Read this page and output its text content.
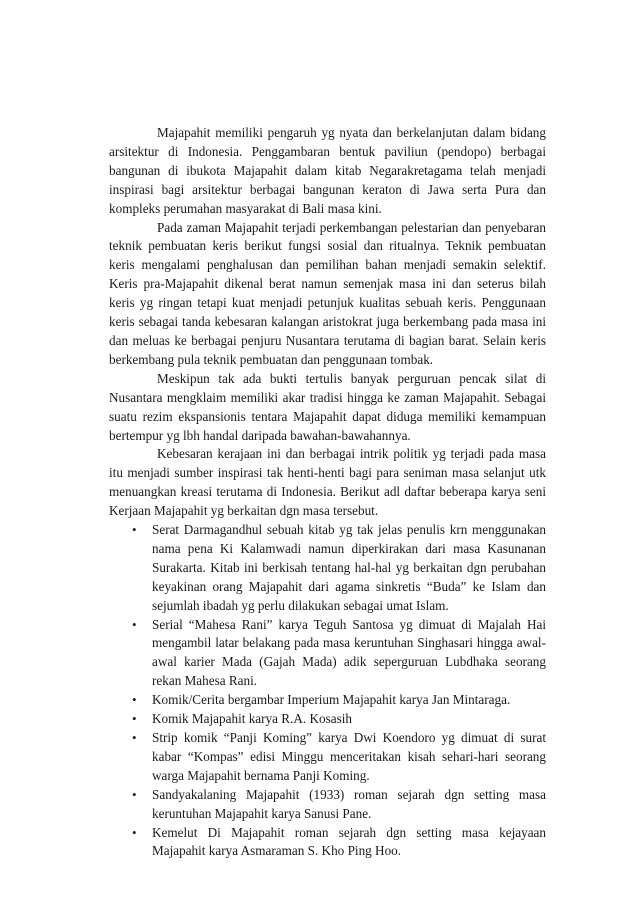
Majapahit memiliki pengaruh yg nyata dan berkelanjutan dalam bidang arsitektur di Indonesia. Penggambaran bentuk paviliun (pendopo) berbagai bangunan di ibukota Majapahit dalam kitab Negarakretagama telah menjadi inspirasi bagi arsitektur berbagai bangunan keraton di Jawa serta Pura dan kompleks perumahan masyarakat di Bali masa kini.

Pada zaman Majapahit terjadi perkembangan pelestarian dan penyebaran teknik pembuatan keris berikut fungsi sosial dan ritualnya. Teknik pembuatan keris mengalami penghalusan dan pemilihan bahan menjadi semakin selektif. Keris pra-Majapahit dikenal berat namun semenjak masa ini dan seterus bilah keris yg ringan tetapi kuat menjadi petunjuk kualitas sebuah keris. Penggunaan keris sebagai tanda kebesaran kalangan aristokrat juga berkembang pada masa ini dan meluas ke berbagai penjuru Nusantara terutama di bagian barat. Selain keris berkembang pula teknik pembuatan dan penggunaan tombak.

Meskipun tak ada bukti tertulis banyak perguruan pencak silat di Nusantara mengklaim memiliki akar tradisi hingga ke zaman Majapahit. Sebagai suatu rezim ekspansionis tentara Majapahit dapat diduga memiliki kemampuan bertempur yg lbh handal daripada bawahan-bawahannya.

Kebesaran kerajaan ini dan berbagai intrik politik yg terjadi pada masa itu menjadi sumber inspirasi tak henti-henti bagi para seniman masa selanjut utk menuangkan kreasi terutama di Indonesia. Berikut adl daftar beberapa karya seni Kerjaan Majapahit yg berkaitan dgn masa tersebut.

• Serat Darmagandhul sebuah kitab yg tak jelas penulis krn menggunakan nama pena Ki Kalamwadi namun diperkirakan dari masa Kasunanan Surakarta. Kitab ini berkisah tentang hal-hal yg berkaitan dgn perubahan keyakinan orang Majapahit dari agama sinkretis “Buda” ke Islam dan sejumlah ibadah yg perlu dilakukan sebagai umat Islam.
• Serial “Mahesa Rani” karya Teguh Santosa yg dimuat di Majalah Hai mengambil latar belakang pada masa keruntuhan Singhasari hingga awal-awal karier Mada (Gajah Mada) adik seperguruan Lubdhaka seorang rekan Mahesa Rani.
• Komik/Cerita bergambar Imperium Majapahit karya Jan Mintaraga.
• Komik Majapahit karya R.A. Kosasih
• Strip komik “Panji Koming” karya Dwi Koendoro yg dimuat di surat kabar “Kompas” edisi Minggu menceritakan kisah sehari-hari seorang warga Majapahit bernama Panji Koming.
• Sandyakalaning Majapahit (1933) roman sejarah dgn setting masa keruntuhan Majapahit karya Sanusi Pane.
• Kemelut Di Majapahit roman sejarah dgn setting masa kejayaan Majapahit karya Asmaraman S. Kho Ping Hoo.
